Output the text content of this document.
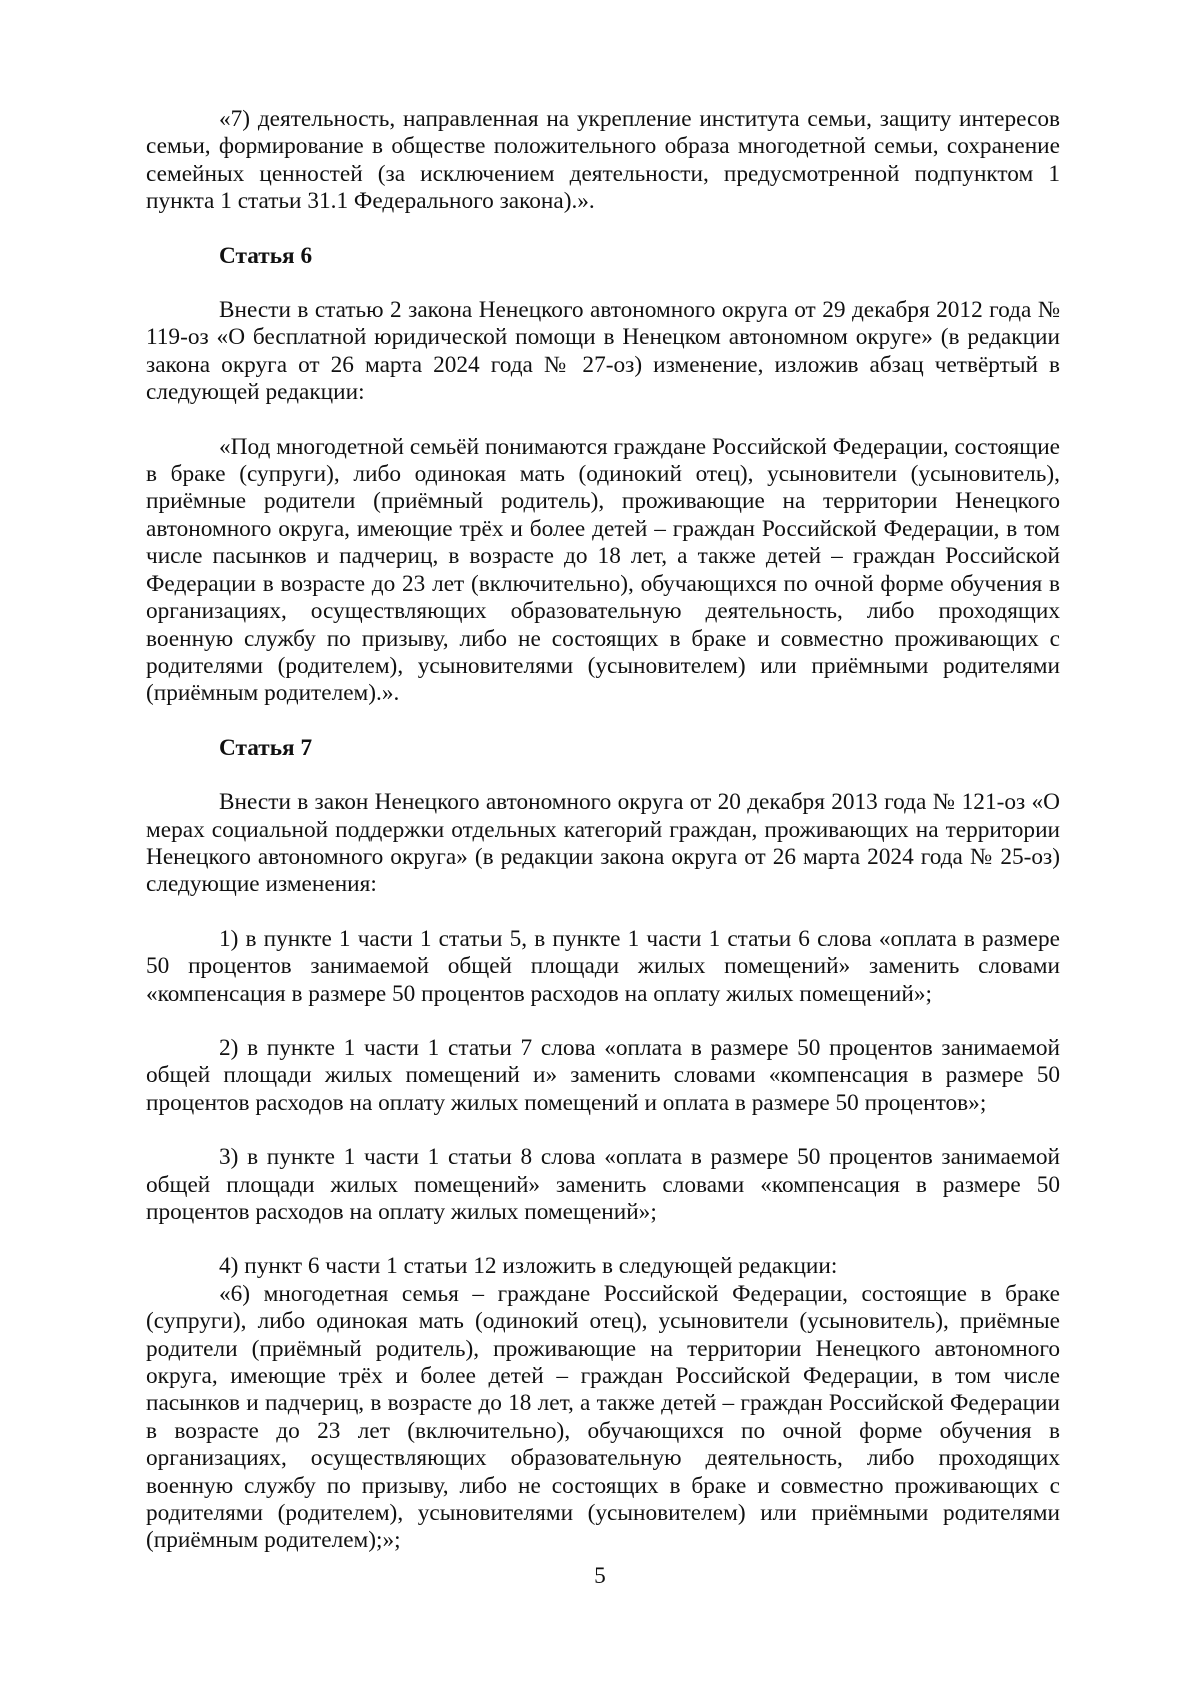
«7) деятельность, направленная на укрепление института семьи, защиту интересов семьи, формирование в обществе положительного образа многодетной семьи, сохранение семейных ценностей (за исключением деятельности, предусмотренной подпунктом 1 пункта 1 статьи 31.1 Федерального закона).».

Статья 6

Внести в статью 2 закона Ненецкого автономного округа от 29 декабря 2012 года № 119-оз «О бесплатной юридической помощи в Ненецком автономном округе» (в редакции закона округа от 26 марта 2024 года № 27-оз) изменение, изложив абзац четвёртый в следующей редакции:

«Под многодетной семьёй понимаются граждане Российской Федерации, состоящие в браке (супруги), либо одинокая мать (одинокий отец), усыновители (усыновитель), приёмные родители (приёмный родитель), проживающие на территории Ненецкого автономного округа, имеющие трёх и более детей – граждан Российской Федерации, в том числе пасынков и падчериц, в возрасте до 18 лет, а также детей – граждан Российской Федерации в возрасте до 23 лет (включительно), обучающихся по очной форме обучения в организациях, осуществляющих образовательную деятельность, либо проходящих военную службу по призыву, либо не состоящих в браке и совместно проживающих с родителями (родителем), усыновителями (усыновителем) или приёмными родителями (приёмным родителем).».

Статья 7

Внести в закон Ненецкого автономного округа от 20 декабря 2013 года № 121-оз «О мерах социальной поддержки отдельных категорий граждан, проживающих на территории Ненецкого автономного округа» (в редакции закона округа от 26 марта 2024 года № 25-оз) следующие изменения:

1) в пункте 1 части 1 статьи 5, в пункте 1 части 1 статьи 6 слова «оплата в размере 50 процентов занимаемой общей площади жилых помещений» заменить словами «компенсация в размере 50 процентов расходов на оплату жилых помещений»;

2) в пункте 1 части 1 статьи 7 слова «оплата в размере 50 процентов занимаемой общей площади жилых помещений и» заменить словами «компенсация в размере 50 процентов расходов на оплату жилых помещений и оплата в размере 50 процентов»;

3) в пункте 1 части 1 статьи 8 слова «оплата в размере 50 процентов занимаемой общей площади жилых помещений» заменить словами «компенсация в размере 50 процентов расходов на оплату жилых помещений»;

4) пункт 6 части 1 статьи 12 изложить в следующей редакции:

«6) многодетная семья – граждане Российской Федерации, состоящие в браке (супруги), либо одинокая мать (одинокий отец), усыновители (усыновитель), приёмные родители (приёмный родитель), проживающие на территории Ненецкого автономного округа, имеющие трёх и более детей – граждан Российской Федерации, в том числе пасынков и падчериц, в возрасте до 18 лет, а также детей – граждан Российской Федерации в возрасте до 23 лет (включительно), обучающихся по очной форме обучения в организациях, осуществляющих образовательную деятельность, либо проходящих военную службу по призыву, либо не состоящих в браке и совместно проживающих с родителями (родителем), усыновителями (усыновителем) или приёмными родителями (приёмным родителем);»;

5
